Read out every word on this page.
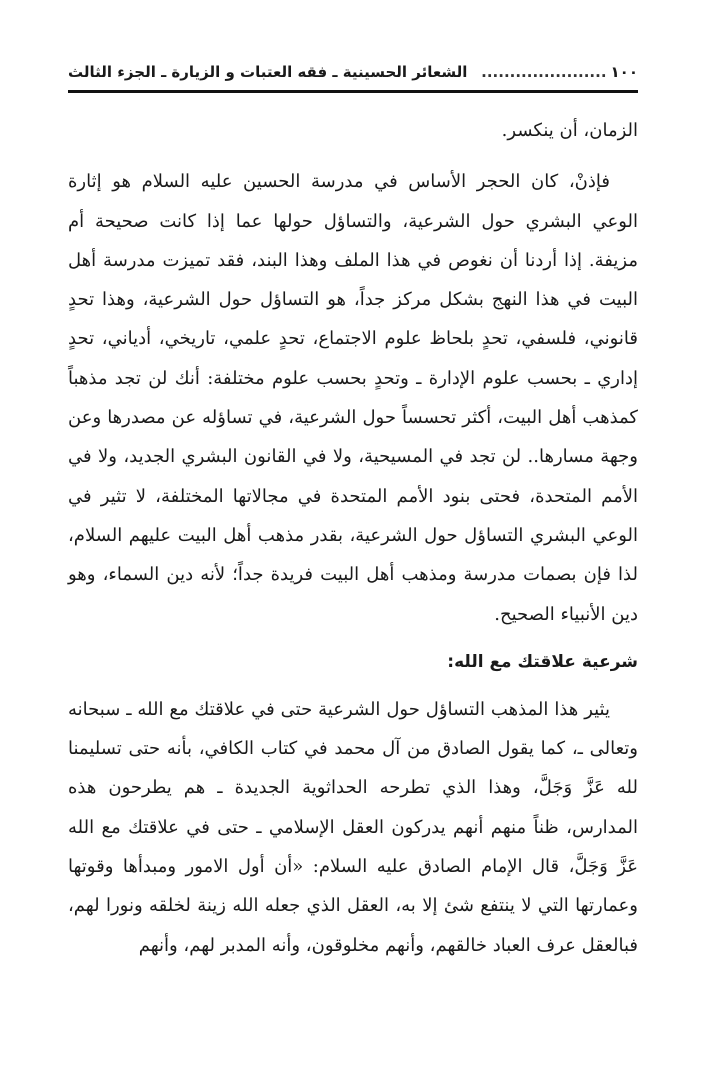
١٠٠
......................
الشعائر الحسينية ـ فقه العتبات و الزيارة ـ الجزء الثالث

الزمان، أن ينكسر.

فإذنْ، كان الحجر الأساس في مدرسة الحسين عليه السلام هو إثارة الوعي البشري حول الشرعية، والتساؤل حولها عما إذا كانت صحيحة أم مزيفة. إذا أردنا أن نغوص في هذا الملف وهذا البند، فقد تميزت مدرسة أهل البيت في هذا النهج بشكل مركز جداً، هو التساؤل حول الشرعية، وهذا تحدٍ قانوني، فلسفي، تحدٍ بلحاظ علوم الاجتماع، تحدٍ علمي، تاريخي، أدياني، تحدٍ إداري ـ بحسب علوم الإدارة ـ وتحدٍ بحسب علوم مختلفة: أنك لن تجد مذهباً كمذهب أهل البيت، أكثر تحسساً حول الشرعية، في تساؤله عن مصدرها وعن وجهة مسارها.. لن تجد في المسيحية، ولا في القانون البشري الجديد، ولا في الأمم المتحدة، فحتى بنود الأمم المتحدة في مجالاتها المختلفة، لا تثير في الوعي البشري التساؤل حول الشرعية، بقدر مذهب أهل البيت عليهم السلام، لذا فإن بصمات مدرسة ومذهب أهل البيت فريدة جداً؛ لأنه دين السماء، وهو دين الأنبياء الصحيح.

شرعية علاقتك مع الله:

يثير هذا المذهب التساؤل حول الشرعية حتى في علاقتك مع الله ـ سبحانه وتعالى ـ، كما يقول الصادق من آل محمد في كتاب الكافي، بأنه حتى تسليمنا لله عَزَّ وَجَلَّ، وهذا الذي تطرحه الحداثوية الجديدة ـ هم يطرحون هذه المدارس، ظناً منهم أنهم يدركون العقل الإسلامي ـ حتى في علاقتك مع الله عَزَّ وَجَلَّ، قال الإمام الصادق عليه السلام: «أن أول الامور ومبدأها وقوتها وعمارتها التي لا ينتفع شئ إلا به، العقل الذي جعله الله زينة لخلقه ونورا لهم، فبالعقل عرف العباد خالقهم، وأنهم مخلوقون، وأنه المدبر لهم، وأنهم
